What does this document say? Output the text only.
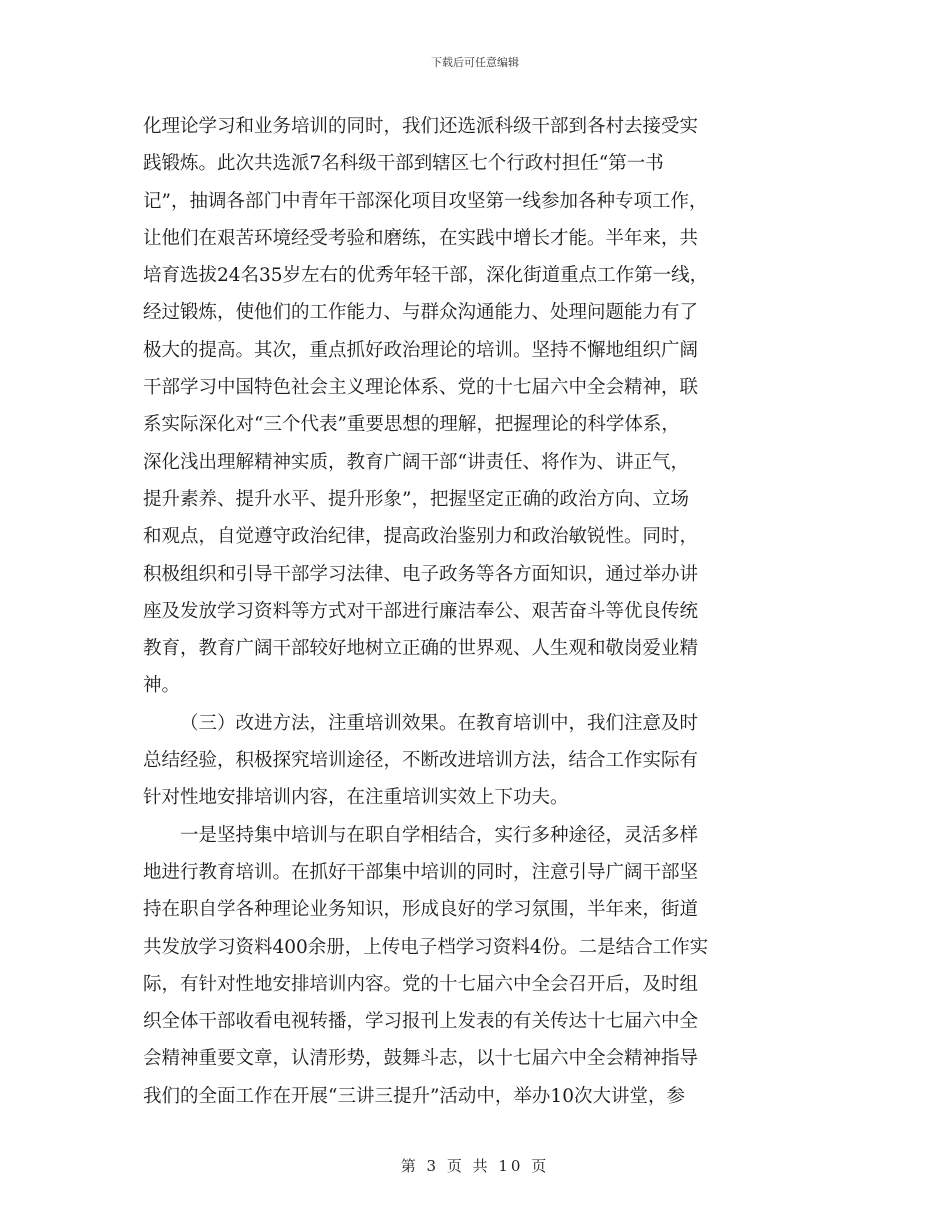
下载后可任意编辑
化理论学习和业务培训的同时，我们还选派科级干部到各村去接受实
践锻炼。此次共选派7名科级干部到辖区七个行政村担任“第一书
记”，抽调各部门中青年干部深化项目攻坚第一线参加各种专项工作，
让他们在艰苦环境经受考验和磨练，在实践中增长才能。半年来，共
培育选拔24名35岁左右的优秀年轻干部，深化街道重点工作第一线，
经过锻炼，使他们的工作能力、与群众沟通能力、处理问题能力有了
极大的提高。其次，重点抓好政治理论的培训。坚持不懈地组织广阔
干部学习中国特色社会主义理论体系、党的十七届六中全会精神，联
系实际深化对“三个代表”重要思想的理解，把握理论的科学体系，
深化浅出理解精神实质，教育广阔干部“讲责任、将作为、讲正气，
提升素养、提升水平、提升形象”，把握坚定正确的政治方向、立场
和观点，自觉遵守政治纪律，提高政治鉴别力和政治敏锐性。同时，
积极组织和引导干部学习法律、电子政务等各方面知识，通过举办讲
座及发放学习资料等方式对干部进行廉洁奉公、艰苦奋斗等优良传统
教育，教育广阔干部较好地树立正确的世界观、人生观和敬岗爱业精
神。
（三）改进方法，注重培训效果。在教育培训中，我们注意及时
总结经验，积极探究培训途径，不断改进培训方法，结合工作实际有
针对性地安排培训内容，在注重培训实效上下功夫。
一是坚持集中培训与在职自学相结合，实行多种途径，灵活多样
地进行教育培训。在抓好干部集中培训的同时，注意引导广阔干部坚
持在职自学各种理论业务知识，形成良好的学习氛围，半年来，街道
共发放学习资料400余册，上传电子档学习资料4份。二是结合工作实
际，有针对性地安排培训内容。党的十七届六中全会召开后，及时组
织全体干部收看电视转播，学习报刊上发表的有关传达十七届六中全
会精神重要文章，认清形势，鼓舞斗志，以十七届六中全会精神指导
我们的全面工作在开展“三讲三提升”活动中，举办10次大讲堂，参
第 3 页 共 10 页
